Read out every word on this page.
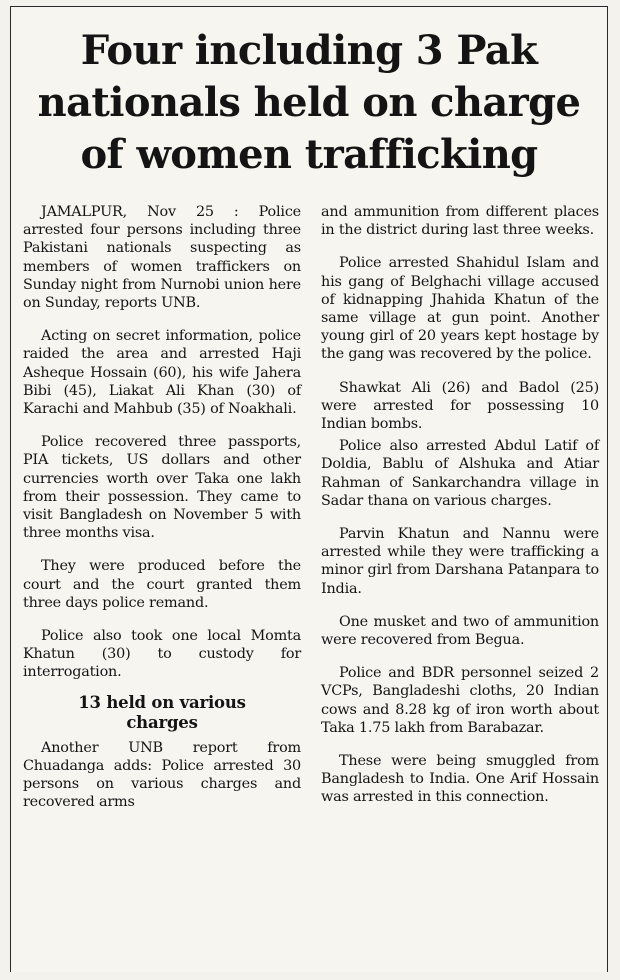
Four including 3 Pak
nationals held on charge
of women trafficking

JAMALPUR, Nov 25 : Police arrested four persons including three Pakistani nationals suspecting as members of women traffickers on Sunday night from Nurnobi union here on Sunday, reports UNB.

Acting on secret information, police raided the area and arrested Haji Asheque Hossain (60), his wife Jahera Bibi (45), Liakat Ali Khan (30) of Karachi and Mahbub (35) of Noakhali.

Police recovered three passports, PIA tickets, US dollars and other currencies worth over Taka one lakh from their possession. They came to visit Bangladesh on November 5 with three months visa.

They were produced before the court and the court granted them three days police remand.

Police also took one local Momta Khatun (30) to custody for interrogation.

13 held on various
charges

Another UNB report from Chuadanga adds: Police arrested 30 persons on various charges and recovered arms

and ammunition from different places in the district during last three weeks.

Police arrested Shahidul Islam and his gang of Belghachi village accused of kidnapping Jhahida Khatun of the same village at gun point. Another young girl of 20 years kept hostage by the gang was recovered by the police.

Shawkat Ali (26) and Badol (25) were arrested for possessing 10 Indian bombs.

Police also arrested Abdul Latif of Doldia, Bablu of Alshuka and Atiar Rahman of Sankarchandra village in Sadar thana on various charges.

Parvin Khatun and Nannu were arrested while they were trafficking a minor girl from Darshana Patanpara to India.

One musket and two of ammunition were recovered from Begua.

Police and BDR personnel seized 2 VCPs, Bangladeshi cloths, 20 Indian cows and 8.28 kg of iron worth about Taka 1.75 lakh from Barabazar.

These were being smuggled from Bangladesh to India. One Arif Hossain was arrested in this connection.
